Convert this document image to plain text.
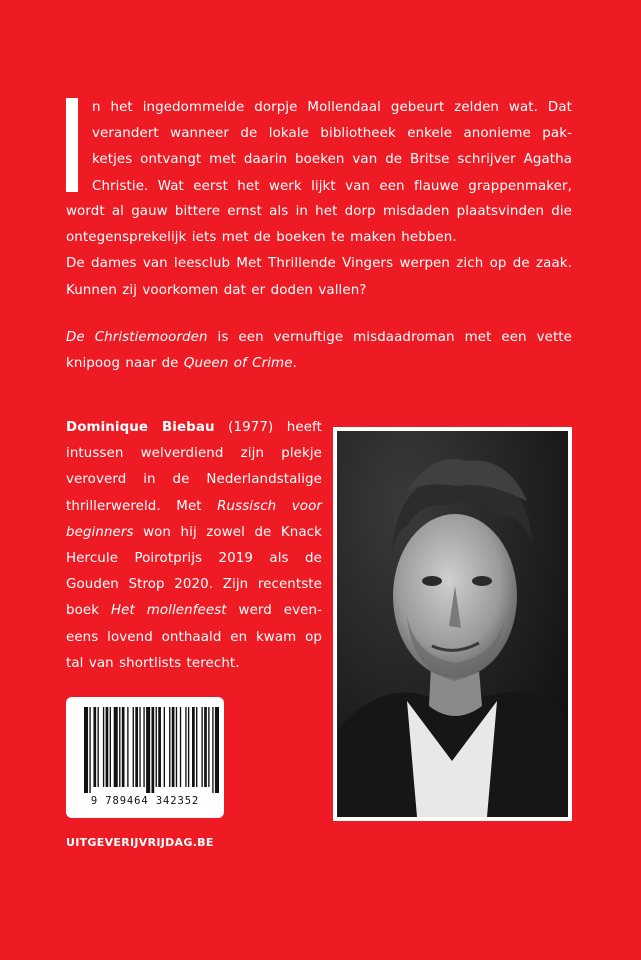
n het ingedommelde dorpje Mollendaal gebeurt zelden wat. Dat
verandert wanneer de lokale bibliotheek enkele anonieme pak-
ketjes ontvangt met daarin boeken van de Britse schrijver Agatha
Christie. Wat eerst het werk lijkt van een flauwe grappenmaker,
wordt al gauw bittere ernst als in het dorp misdaden plaatsvinden die
ontegensprekelijk iets met de boeken te maken hebben.
De dames van leesclub Met Thrillende Vingers werpen zich op de zaak.
Kunnen zij voorkomen dat er doden vallen?
De Christiemoorden is een vernuftige misdaadroman met een vette
knipoog naar de Queen of Crime.
Dominique Biebau (1977) heeft
intussen welverdiend zijn plekje
veroverd in de Nederlandstalige
thrillerwereld. Met Russisch voor
beginners won hij zowel de Knack
Hercule Poirotprijs 2019 als de
Gouden Strop 2020. Zijn recentste
boek Het mollenfeest werd even-
eens lovend onthaald en kwam op
tal van shortlists terecht.
9 789464 342352
UITGEVERIJVRIJDAG.BE
